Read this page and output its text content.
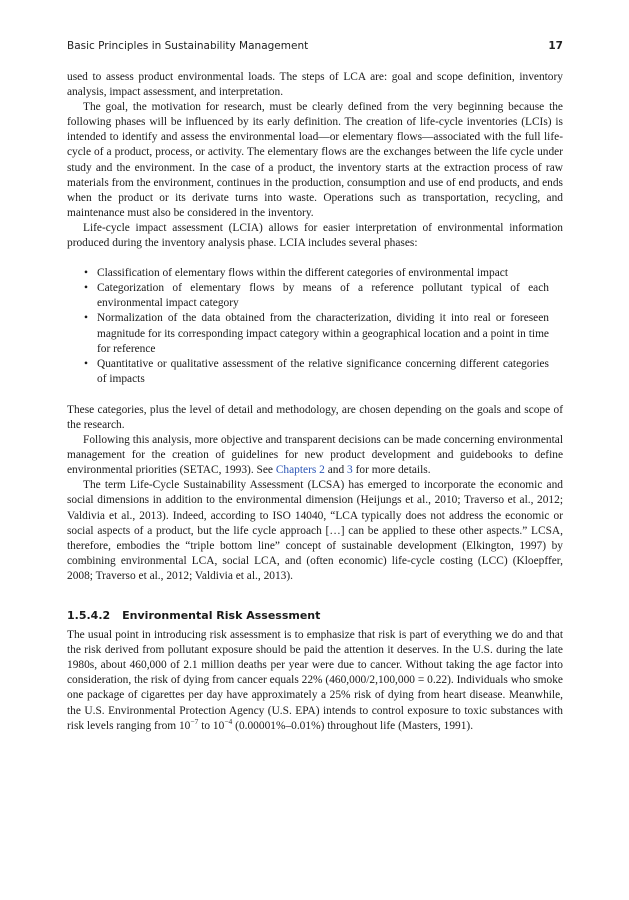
Basic Principles in Sustainability Management	17

used to assess product environmental loads. The steps of LCA are: goal and scope definition, inventory analysis, impact assessment, and interpretation.

The goal, the motivation for research, must be clearly defined from the very beginning because the following phases will be influenced by its early definition. The creation of life-cycle inventories (LCIs) is intended to identify and assess the environmental load—or elementary flows—associated with the full life-cycle of a product, process, or activity. The elementary flows are the exchanges between the life cycle under study and the environment. In the case of a product, the inventory starts at the extraction process of raw materials from the environment, continues in the production, consumption and use of end products, and ends when the product or its derivate turns into waste. Operations such as transportation, recycling, and maintenance must also be considered in the inventory.

Life-cycle impact assessment (LCIA) allows for easier interpretation of environmental information produced during the inventory analysis phase. LCIA includes several phases:

• Classification of elementary flows within the different categories of environmental impact
• Categorization of elementary flows by means of a reference pollutant typical of each environmental impact category
• Normalization of the data obtained from the characterization, dividing it into real or foreseen magnitude for its corresponding impact category within a geographical location and a point in time for reference
• Quantitative or qualitative assessment of the relative significance concerning different categories of impacts

These categories, plus the level of detail and methodology, are chosen depending on the goals and scope of the research.

Following this analysis, more objective and transparent decisions can be made concerning environmental management for the creation of guidelines for new product development and guidebooks to define environmental priorities (SETAC, 1993). See Chapters 2 and 3 for more details.

The term Life-Cycle Sustainability Assessment (LCSA) has emerged to incorporate the economic and social dimensions in addition to the environmental dimension (Heijungs et al., 2010; Traverso et al., 2012; Valdivia et al., 2013). Indeed, according to ISO 14040, “LCA typically does not address the economic or social aspects of a product, but the life cycle approach […] can be applied to these other aspects.” LCSA, therefore, embodies the “triple bottom line” concept of sustainable development (Elkington, 1997) by combining environmental LCA, social LCA, and (often economic) life-cycle costing (LCC) (Kloepffer, 2008; Traverso et al., 2012; Valdivia et al., 2013).

1.5.4.2 Environmental Risk Assessment

The usual point in introducing risk assessment is to emphasize that risk is part of everything we do and that the risk derived from pollutant exposure should be paid the attention it deserves. In the U.S. during the late 1980s, about 460,000 of 2.1 million deaths per year were due to cancer. Without taking the age factor into consideration, the risk of dying from cancer equals 22% (460,000/2,100,000 = 0.22). Individuals who smoke one package of cigarettes per day have approximately a 25% risk of dying from heart disease. Meanwhile, the U.S. Environmental Protection Agency (U.S. EPA) intends to control exposure to toxic substances with risk levels ranging from $10^{-7}$ to $10^{-4}$ (0.00001%–0.01%) throughout life (Masters, 1991).
